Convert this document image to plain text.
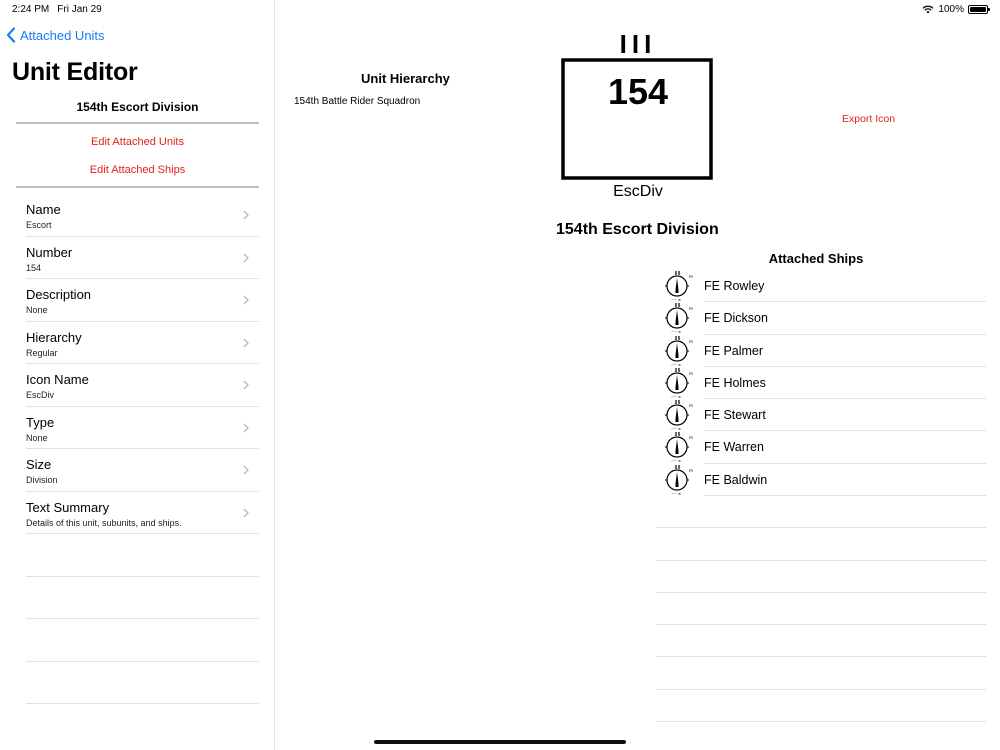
2:24 PM Fri Jan 29	100%
Attached Units
Unit Editor
154th Escort Division
Edit Attached Units
Edit Attached Ships
Name
Escort
Number
154
Description
None
Hierarchy
Regular
Icon Name
EscDiv
Type
None
Size
Division
Text Summary
Details of this unit, subunits, and ships.
Unit Hierarchy
154th Battle Rider Squadron
III
154
EscDiv
Export Icon
154th Escort Division
Attached Ships
m
~~ ≡
FE Rowley
m
~~ ≡
FE Dickson
m
~~ ≡
FE Palmer
m
~~ ≡
FE Holmes
m
~~ ≡
FE Stewart
m
~~ ≡
FE Warren
m
~~ ≡
FE Baldwin
